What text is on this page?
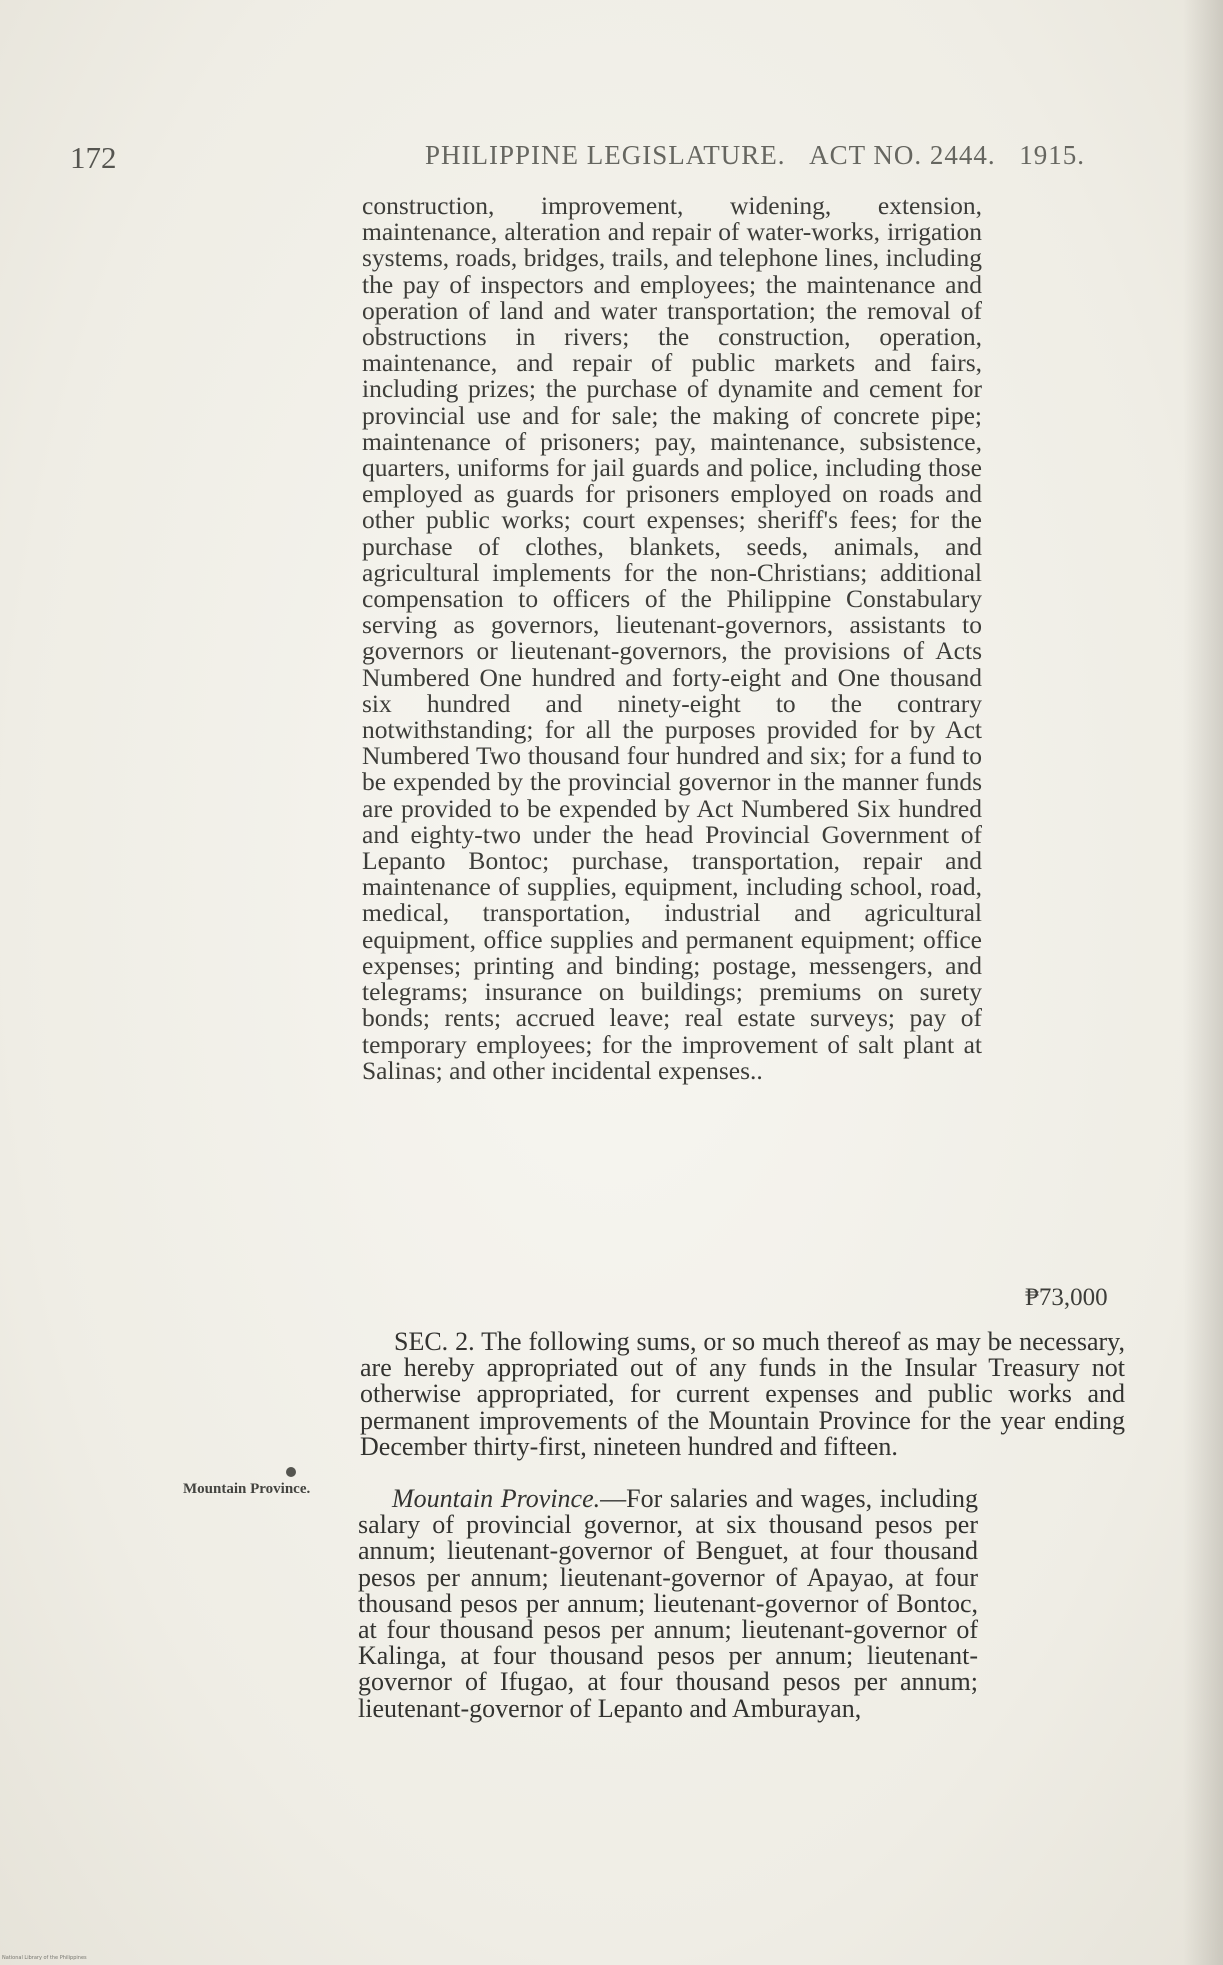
172	PHILIPPINE LEGISLATURE. ACT NO. 2444. 1915.

construction, improvement, widening, extension, maintenance, alteration and repair of water-works, irrigation systems, roads, bridges, trails, and telephone lines, including the pay of inspectors and employees; the maintenance and operation of land and water transportation; the removal of obstructions in rivers; the construction, operation, maintenance, and repair of public markets and fairs, including prizes; the purchase of dynamite and cement for provincial use and for sale; the making of concrete pipe; maintenance of prisoners; pay, maintenance, subsistence, quarters, uniforms for jail guards and police, including those employed as guards for prisoners employed on roads and other public works; court expenses; sheriff's fees; for the purchase of clothes, blankets, seeds, animals, and agricultural implements for the non-Christians; additional compensation to officers of the Philippine Constabulary serving as governors, lieutenant-governors, assistants to governors or lieutenant-governors, the provisions of Acts Numbered One hundred and forty-eight and One thousand six hundred and ninety-eight to the contrary notwithstanding; for all the purposes provided for by Act Numbered Two thousand four hundred and six; for a fund to be expended by the provincial governor in the manner funds are provided to be expended by Act Numbered Six hundred and eighty-two under the head Provincial Government of Lepanto Bontoc; purchase, transportation, repair and maintenance of supplies, equipment, including school, road, medical, transportation, industrial and agricultural equipment, office supplies and permanent equipment; office expenses; printing and binding; postage, messengers, and telegrams; insurance on buildings; premiums on surety bonds; rents; accrued leave; real estate surveys; pay of temporary employees; for the improvement of salt plant at Salinas; and other incidental expenses..

₱73,000

SEC. 2. The following sums, or so much thereof as may be necessary, are hereby appropriated out of any funds in the Insular Treasury not otherwise appropriated, for current expenses and public works and permanent improvements of the Mountain Province for the year ending December thirty-first, nineteen hundred and fifteen.

Mountain Province.	Mountain Province.—For salaries and wages, including salary of provincial governor, at six thousand pesos per annum; lieutenant-governor of Benguet, at four thousand pesos per annum; lieutenant-governor of Apayao, at four thousand pesos per annum; lieutenant-governor of Bontoc, at four thousand pesos per annum; lieutenant-governor of Kalinga, at four thousand pesos per annum; lieutenant-governor of Ifugao, at four thousand pesos per annum; lieutenant-governor of Lepanto and Amburayan,

National Library of the Philippines
